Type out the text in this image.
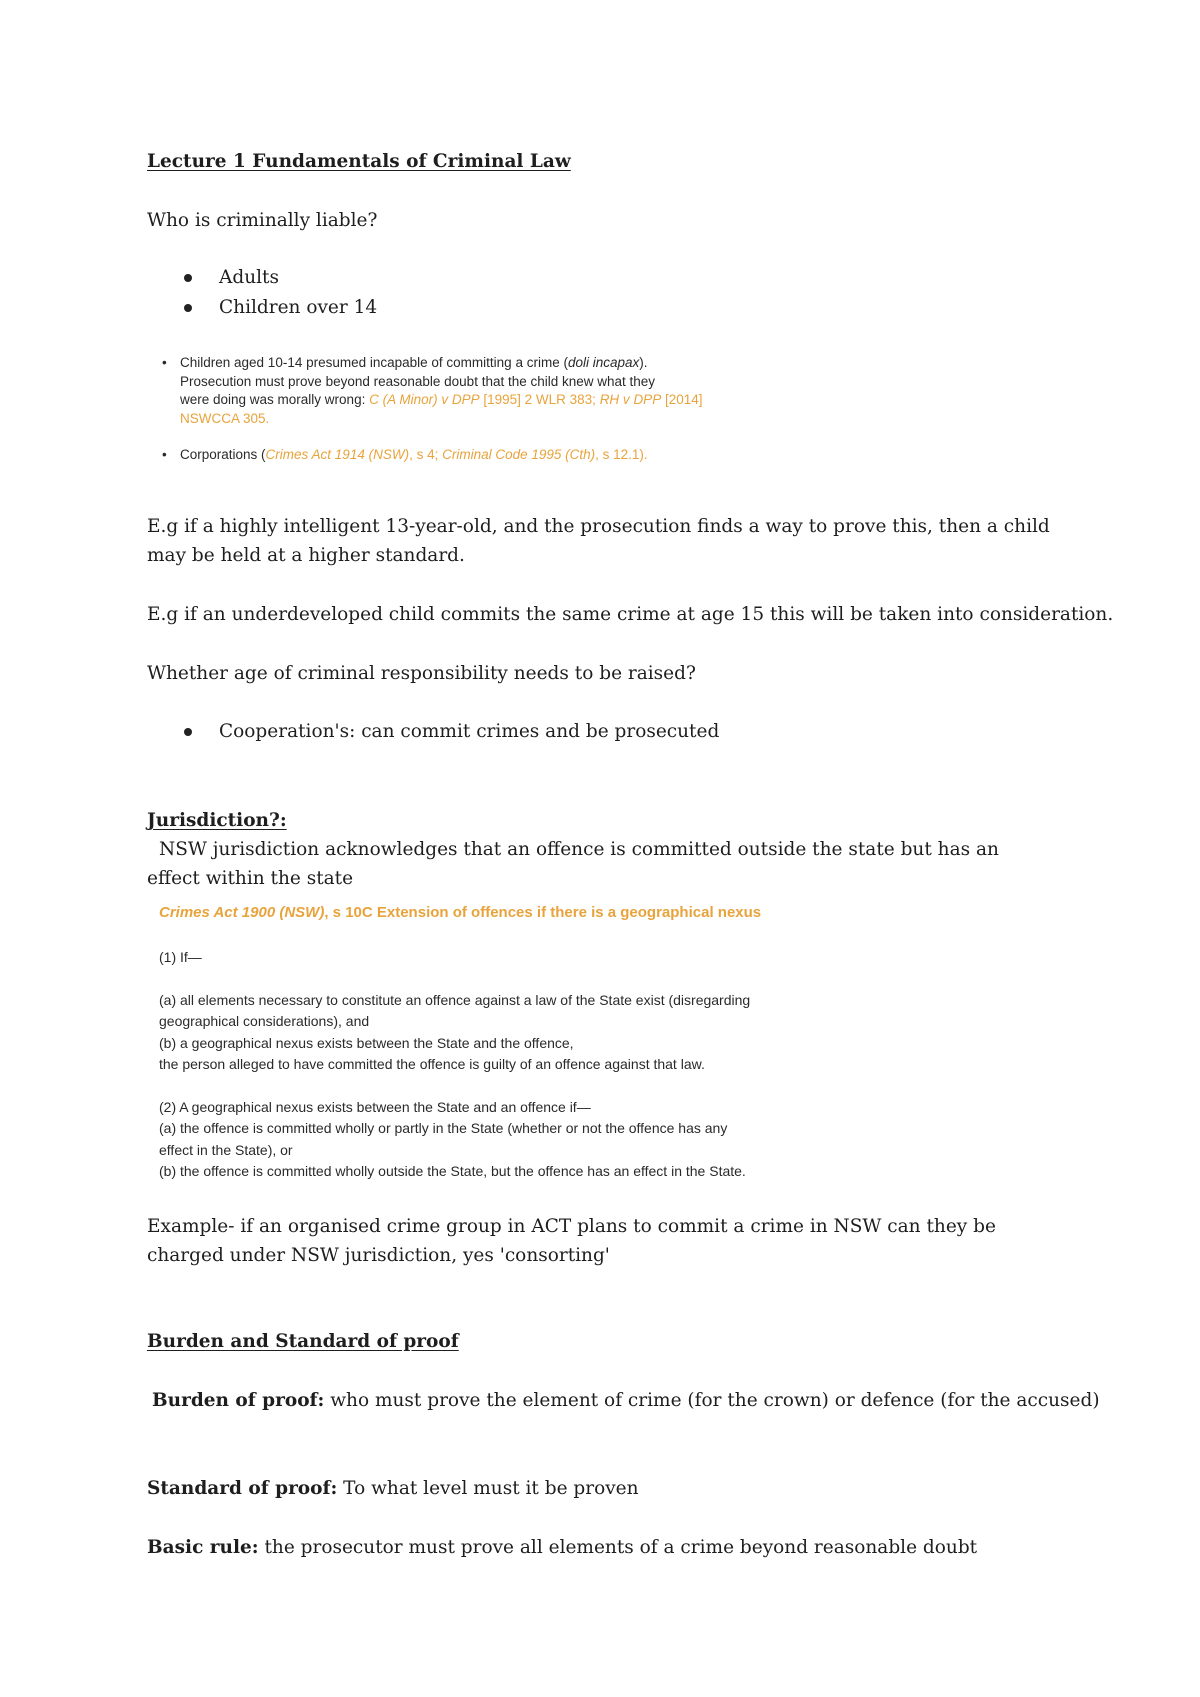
Lecture 1 Fundamentals of Criminal Law
Who is criminally liable?
Adults
Children over 14
• Children aged 10-14 presumed incapable of committing a crime (doli incapax).
Prosecution must prove beyond reasonable doubt that the child knew what they
were doing was morally wrong: C (A Minor) v DPP [1995] 2 WLR 383; RH v DPP [2014]
NSWCCA 305.
• Corporations (Crimes Act 1914 (NSW), s 4; Criminal Code 1995 (Cth), s 12.1).
E.g if a highly intelligent 13-year-old, and the prosecution finds a way to prove this, then a child may be held at a higher standard.
E.g if an underdeveloped child commits the same crime at age 15 this will be taken into consideration.
Whether age of criminal responsibility needs to be raised?
Cooperation's: can commit crimes and be prosecuted
Jurisdiction?:
NSW jurisdiction acknowledges that an offence is committed outside the state but has an effect within the state
Crimes Act 1900 (NSW), s 10C Extension of offences if there is a geographical nexus
(1) If—
(a) all elements necessary to constitute an offence against a law of the State exist (disregarding
geographical considerations), and
(b) a geographical nexus exists between the State and the offence,
the person alleged to have committed the offence is guilty of an offence against that law.
(2) A geographical nexus exists between the State and an offence if—
(a) the offence is committed wholly or partly in the State (whether or not the offence has any
effect in the State), or
(b) the offence is committed wholly outside the State, but the offence has an effect in the State.
Example- if an organised crime group in ACT plans to commit a crime in NSW can they be charged under NSW jurisdiction, yes 'consorting'
Burden and Standard of proof
Burden of proof: who must prove the element of crime (for the crown) or defence (for the accused)
Standard of proof: To what level must it be proven
Basic rule: the prosecutor must prove all elements of a crime beyond reasonable doubt
